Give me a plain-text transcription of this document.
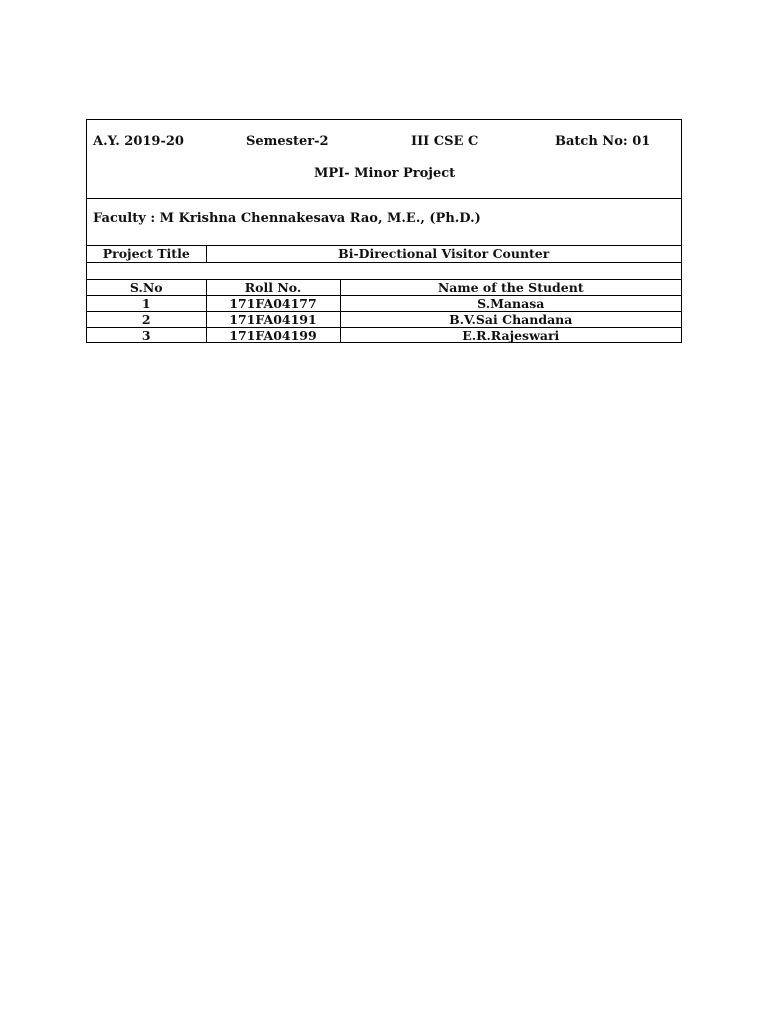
A.Y. 2019-20	Semester-2	III CSE C	Batch No: 01
MPI- Minor Project
Faculty : M Krishna Chennakesava Rao, M.E., (Ph.D.)
Project Title	Bi-Directional Visitor Counter	

S.No	Roll No.	Name of the Student
1	171FA04177	S.Manasa
2	171FA04191	B.V.Sai Chandana
3	171FA04199	E.R.Rajeswari
